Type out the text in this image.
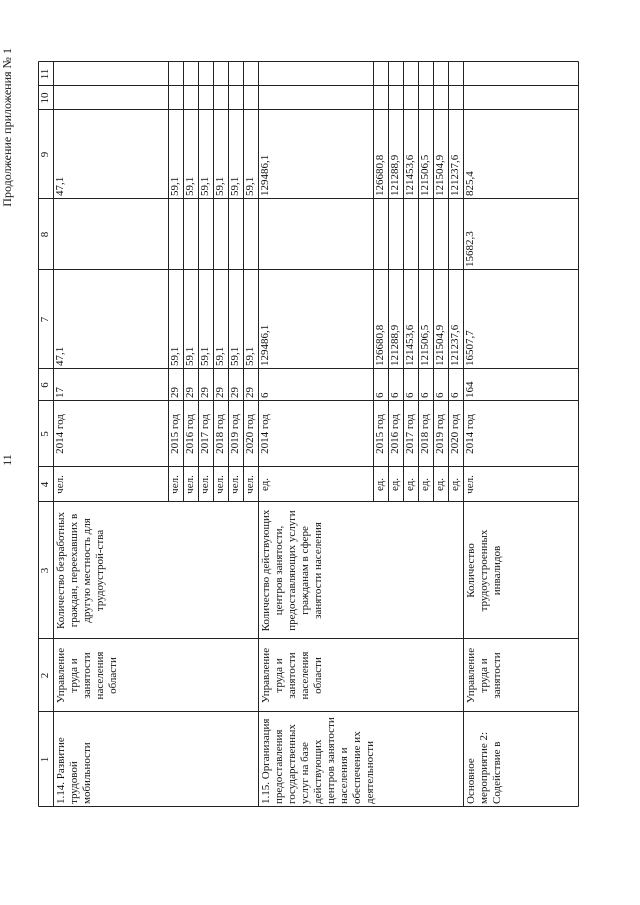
11
Продолжение приложения № 1
1
2
3
4
5
6
7
8
9
10
11
1.14. Развитие трудовой мобильности
Управление труда и занятости населения области
Количество безработных граждан, переехавших в другую местность для трудоустрой-ства
чел.
2014 год
17
47,1
47,1
чел.
2015 год
29
59,1
59,1
чел.
2016 год
29
59,1
59,1
чел.
2017 год
29
59,1
59,1
чел.
2018 год
29
59,1
59,1
чел.
2019 год
29
59,1
59,1
чел.
2020 год
29
59,1
59,1
1.15. Организация предоставления государственных услуг на базе действующих центров занятости населения и обеспечение их деятельности
Управление труда и занятости населения области
Количество действующих центров занятости, предоставляющих услуги гражданам в сфере занятости населения
ед.
2014 год
6
129486,1
129486,1
ед.
2015 год
6
126680,8
126680,8
ед.
2016 год
6
121288,9
121288,9
ед.
2017 год
6
121453,6
121453,6
ед.
2018 год
6
121506,5
121506,5
ед.
2019 год
6
121504,9
121504,9
ед.
2020 год
6
121237,6
121237,6
Основное мероприятие 2: Содействие в
Управление труда и занятости
Количество трудоустроенных инвалидов
чел.
2014 год
164
16507,7
15682,3
825,4
